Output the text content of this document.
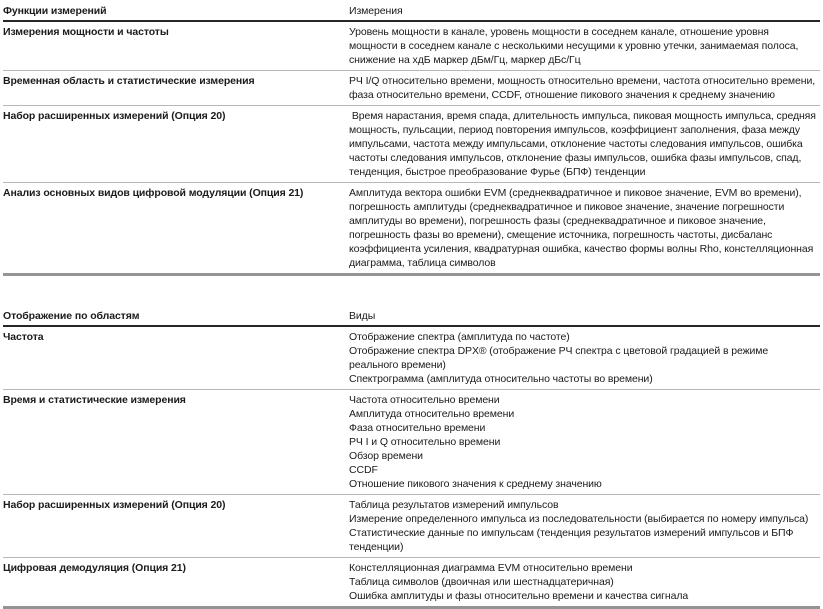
Функции измерений	Измерения
Измерения мощности и частоты	Уровень мощности в канале, уровень мощности в соседнем канале, отношение уровня мощности в соседнем канале с несколькими несущими к уровню утечки, занимаемая полоса, снижение на хдБ маркер дБм/Гц, маркер дБс/Гц
Временная область и статистические измерения	РЧ I/Q относительно времени, мощность относительно времени, частота относительно времени, фаза относительно времени, CCDF, отношение пикового значения к среднему значению
Набор расширенных измерений (Опция 20)	Время нарастания, время спада, длительность импульса, пиковая мощность импульса, средняя мощность, пульсации, период повторения импульсов, коэффициент заполнения, фаза между импульсами, частота между импульсами, отклонение частоты следования импульсов, ошибка частоты следования импульсов, отклонение фазы импульсов, ошибка фазы импульсов, спад, тенденция, быстрое преобразование Фурье (БПФ) тенденции
Анализ основных видов цифровой модуляции (Опция 21)	Амплитуда вектора ошибки EVM (среднеквадратичное и пиковое значение, EVM во времени), погрешность амплитуды (среднеквадратичное и пиковое значение, значение погрешности амплитуды во времени), погрешность фазы (среднеквадратичное и пиковое значение, погрешность фазы во времени), смещение источника, погрешность частоты, дисбаланс коэффициента усиления, квадратурная ошибка, качество формы волны Rho, констелляционная диаграмма, таблица символов
Отображение по областям	Виды
Частота	Отображение спектра (амплитуда по частоте)
Отображение спектра DPX® (отображение РЧ спектра с цветовой градацией в режиме реального времени)
Спектрограмма (амплитуда относительно частоты во времени)
Время и статистические измерения	Частота относительно времени
Амплитуда относительно времени
Фаза относительно времени
РЧ I и Q относительно времени
Обзор времени
CCDF
Отношение пикового значения к среднему значению
Набор расширенных измерений (Опция 20)	Таблица результатов измерений импульсов
Измерение определенного импульса из последовательности (выбирается по номеру импульса)
Статистические данные по импульсам (тенденция результатов измерений импульсов и БПФ тенденции)
Цифровая демодуляция (Опция 21)	Констелляционная диаграмма EVM относительно времени
Таблица символов (двоичная или шестнадцатеричная)
Ошибка амплитуды и фазы относительно времени и качества сигнала
